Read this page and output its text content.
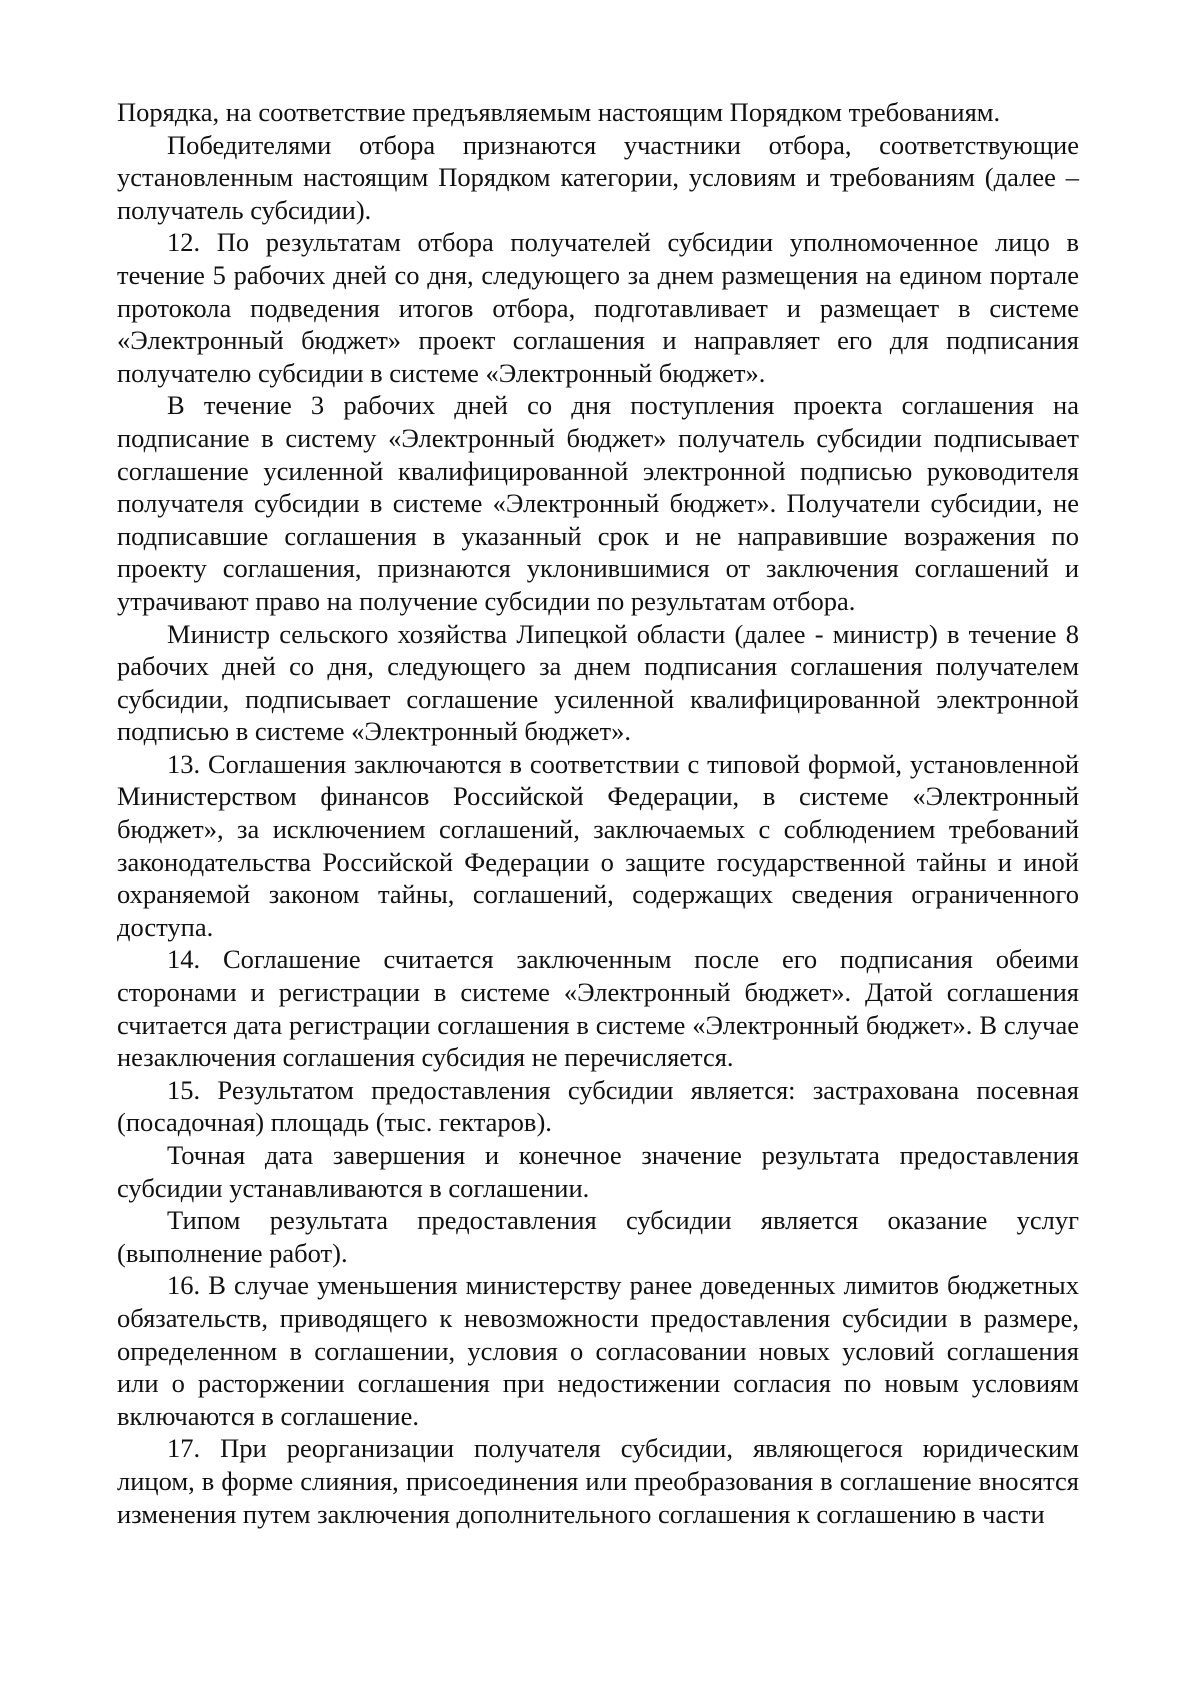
Порядка, на соответствие предъявляемым настоящим Порядком требованиям.

Победителями отбора признаются участники отбора, соответствующие установленным настоящим Порядком категории, условиям и требованиям (далее – получатель субсидии).

12. По результатам отбора получателей субсидии уполномоченное лицо в течение 5 рабочих дней со дня, следующего за днем размещения на едином портале протокола подведения итогов отбора, подготавливает и размещает в системе «Электронный бюджет» проект соглашения и направляет его для подписания получателю субсидии в системе «Электронный бюджет».

В течение 3 рабочих дней со дня поступления проекта соглашения на подписание в систему «Электронный бюджет» получатель субсидии подписывает соглашение усиленной квалифицированной электронной подписью руководителя получателя субсидии в системе «Электронный бюджет». Получатели субсидии, не подписавшие соглашения в указанный срок и не направившие возражения по проекту соглашения, признаются уклонившимися от заключения соглашений и утрачивают право на получение субсидии по результатам отбора.

Министр сельского хозяйства Липецкой области (далее - министр) в течение 8 рабочих дней со дня, следующего за днем подписания соглашения получателем субсидии, подписывает соглашение усиленной квалифицированной электронной подписью в системе «Электронный бюджет».

13. Соглашения заключаются в соответствии с типовой формой, установленной Министерством финансов Российской Федерации, в системе «Электронный бюджет», за исключением соглашений, заключаемых с соблюдением требований законодательства Российской Федерации о защите государственной тайны и иной охраняемой законом тайны, соглашений, содержащих сведения ограниченного доступа.

14. Соглашение считается заключенным после его подписания обеими сторонами и регистрации в системе «Электронный бюджет». Датой соглашения считается дата регистрации соглашения в системе «Электронный бюджет». В случае незаключения соглашения субсидия не перечисляется.

15. Результатом предоставления субсидии является: застрахована посевная (посадочная) площадь (тыс. гектаров).

Точная дата завершения и конечное значение результата предоставления субсидии устанавливаются в соглашении.

Типом результата предоставления субсидии является оказание услуг (выполнение работ).

16. В случае уменьшения министерству ранее доведенных лимитов бюджетных обязательств, приводящего к невозможности предоставления субсидии в размере, определенном в соглашении, условия о согласовании новых условий соглашения или о расторжении соглашения при недостижении согласия по новым условиям включаются в соглашение.

17. При реорганизации получателя субсидии, являющегося юридическим лицом, в форме слияния, присоединения или преобразования в соглашение вносятся изменения путем заключения дополнительного соглашения к соглашению в части
